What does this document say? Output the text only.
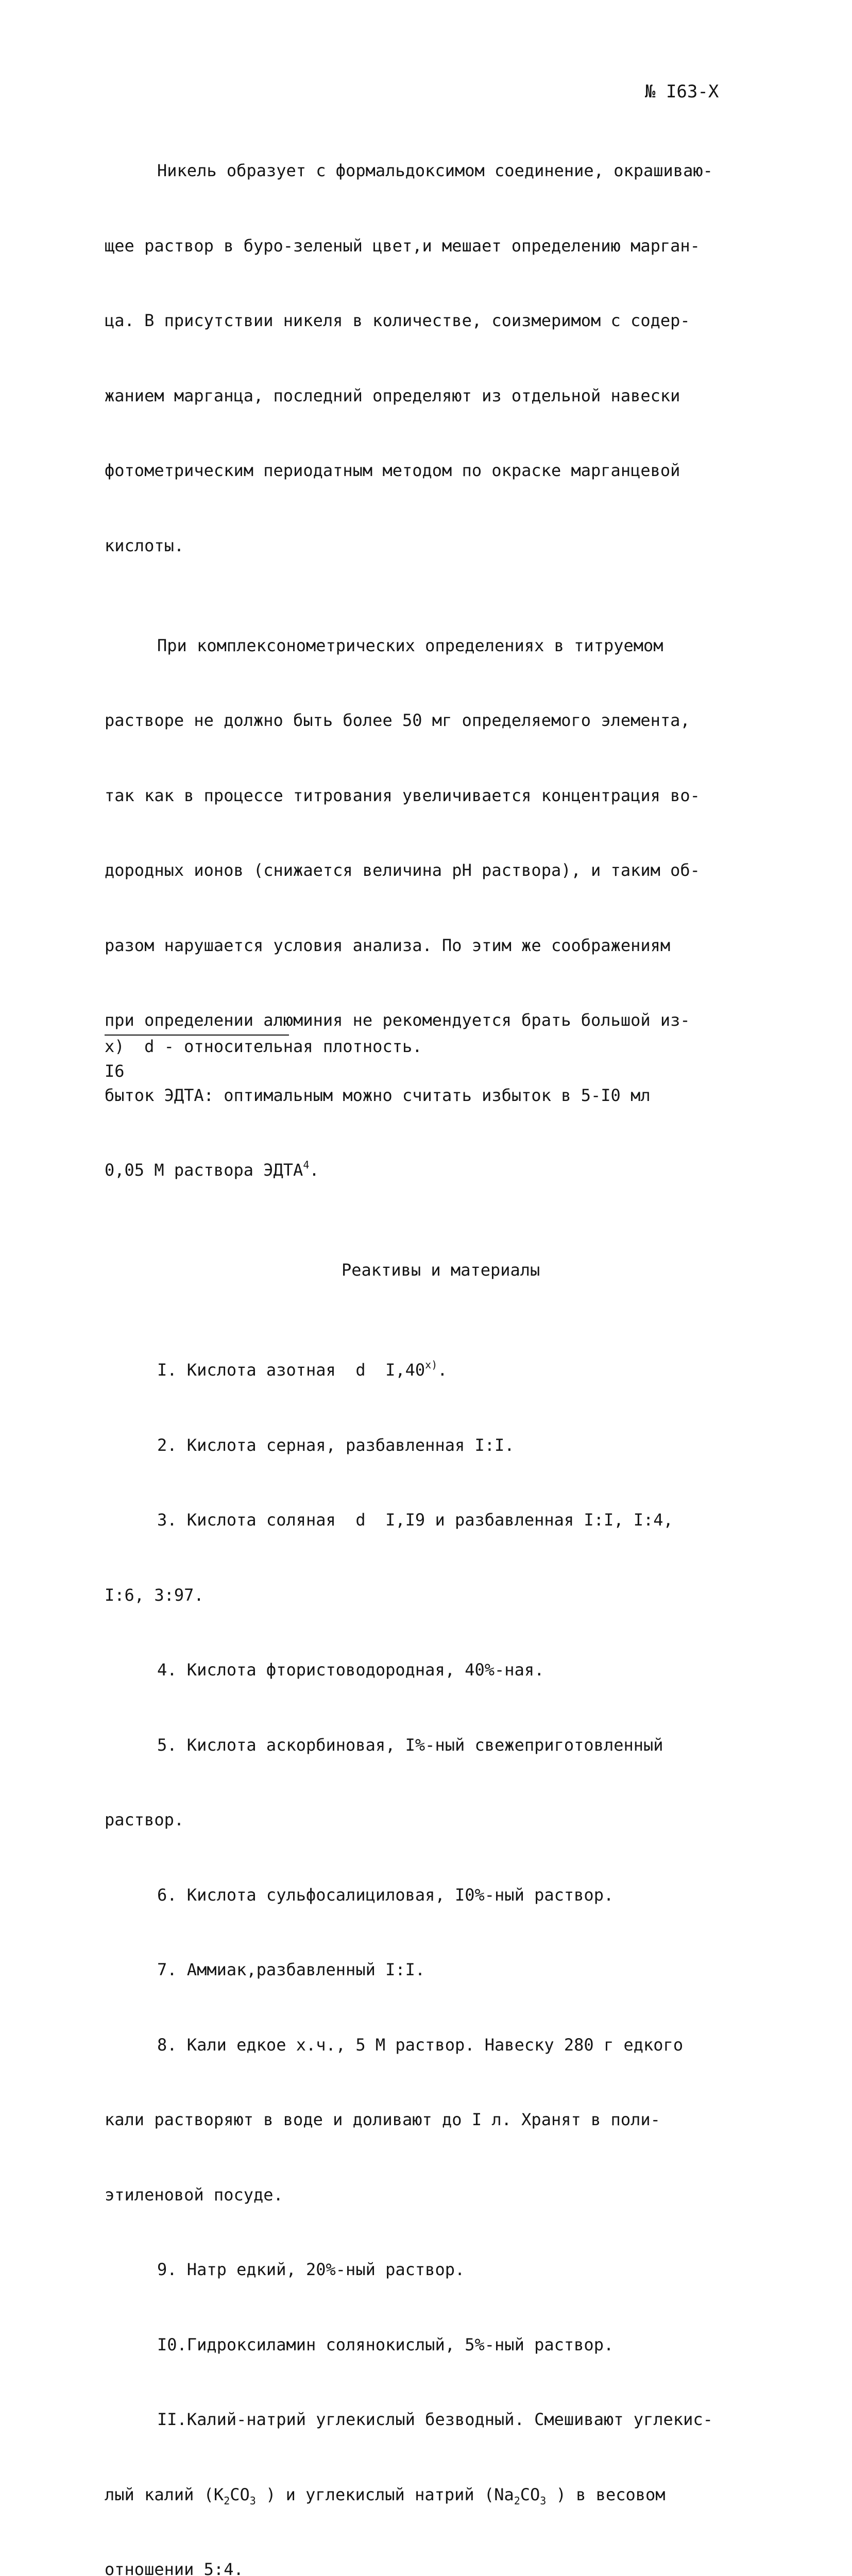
№ I63-X

Никель образует с формальдоксимом соединение, окрашиваю-

щее раствор в буро-зеленый цвет,и мешает определению марган-

ца. В присутствии никеля в количестве, соизмеримом с содер-

жанием марганца, последний определяют из отдельной навески

фотометрическим периодатным методом по окраске марганцевой

кислоты.

При комплексонометрических определениях в титруемом

растворе не должно быть более 50 мг определяемого элемента,

так как в процессе титрования увеличивается концентрация во-

дородных ионов (снижается величина pH раствора), и таким об-

разом нарушается условия анализа. По этим же соображениям

при определении алюминия не рекомендуется брать большой из-

быток ЭДТА: оптимальным можно считать избыток в 5-I0 мл

0,05 М раствора ЭДТА$^4$.

Реактивы и материалы

I. Кислота азотная  d  $I,40^{х)}$.

2. Кислота серная, разбавленная I:I.

3. Кислота соляная  d  I,I9 и разбавленная I:I, I:4,

I:6, 3:97.

4. Кислота фтористоводородная, 40%-ная.

5. Кислота аскорбиновая, I%-ный свежеприготовленный

раствор.

6. Кислота сульфосалициловая, I0%-ный раствор.

7. Аммиак,разбавленный I:I.

8. Кали едкое х.ч., 5 М раствор. Навеску 280 г едкого

кали растворяют в воде и доливают до I л. Хранят в поли-

этиленовой посуде.

9. Натр едкий, 20%-ный раствор.

I0.Гидроксиламин солянокислый, 5%-ный раствор.

II.Калий-натрий углекислый безводный. Смешивают углекис-

лый калий ($K_2CO_3$ ) и углекислый натрий ($Na_2CO_3$ ) в весовом

отношении 5:4.

х)  d - относительная плотность.
I6
